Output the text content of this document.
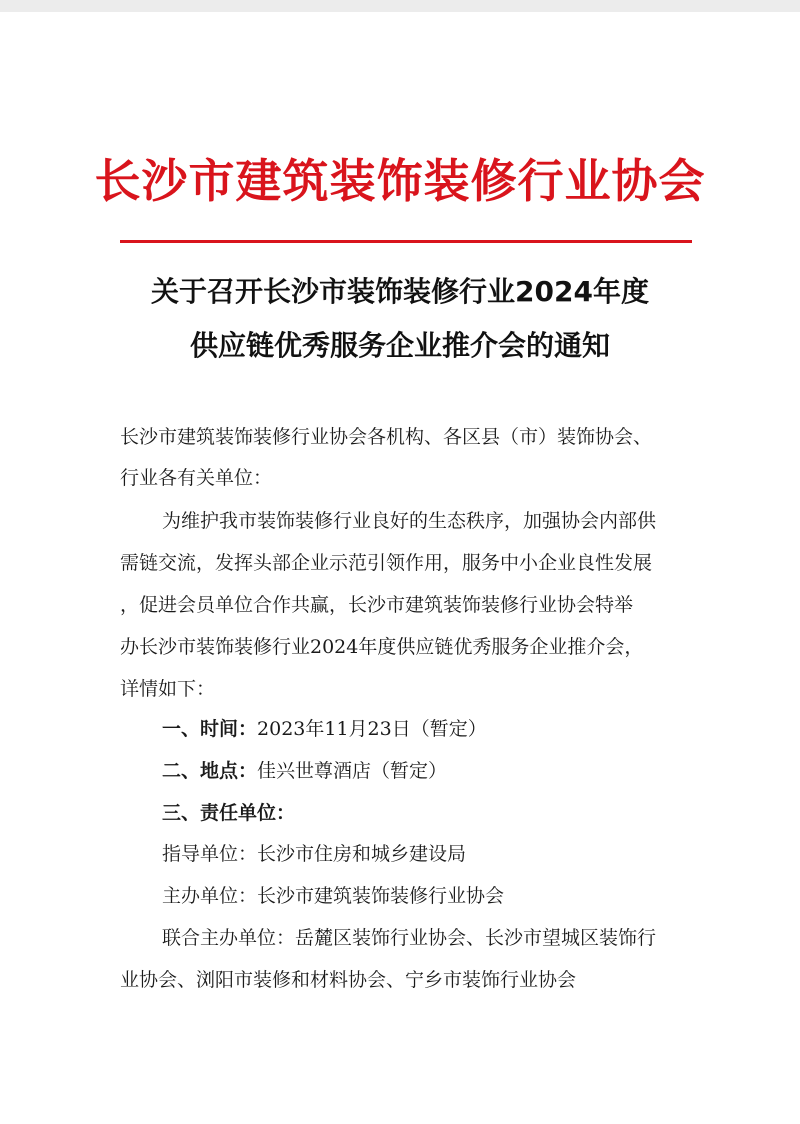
长沙市建筑装饰装修行业协会
关于召开长沙市装饰装修行业2024年度
供应链优秀服务企业推介会的通知
长沙市建筑装饰装修行业协会各机构、各区县（市）装饰协会、
行业各有关单位：
为维护我市装饰装修行业良好的生态秩序，加强协会内部供
需链交流，发挥头部企业示范引领作用，服务中小企业良性发展
，促进会员单位合作共赢，长沙市建筑装饰装修行业协会特举
办长沙市装饰装修行业2024年度供应链优秀服务企业推介会，
详情如下：
一、时间：2023年11月23日（暂定）
二、地点：佳兴世尊酒店（暂定）
三、责任单位：
指导单位：长沙市住房和城乡建设局
主办单位：长沙市建筑装饰装修行业协会
联合主办单位：岳麓区装饰行业协会、长沙市望城区装饰行
业协会、浏阳市装修和材料协会、宁乡市装饰行业协会
